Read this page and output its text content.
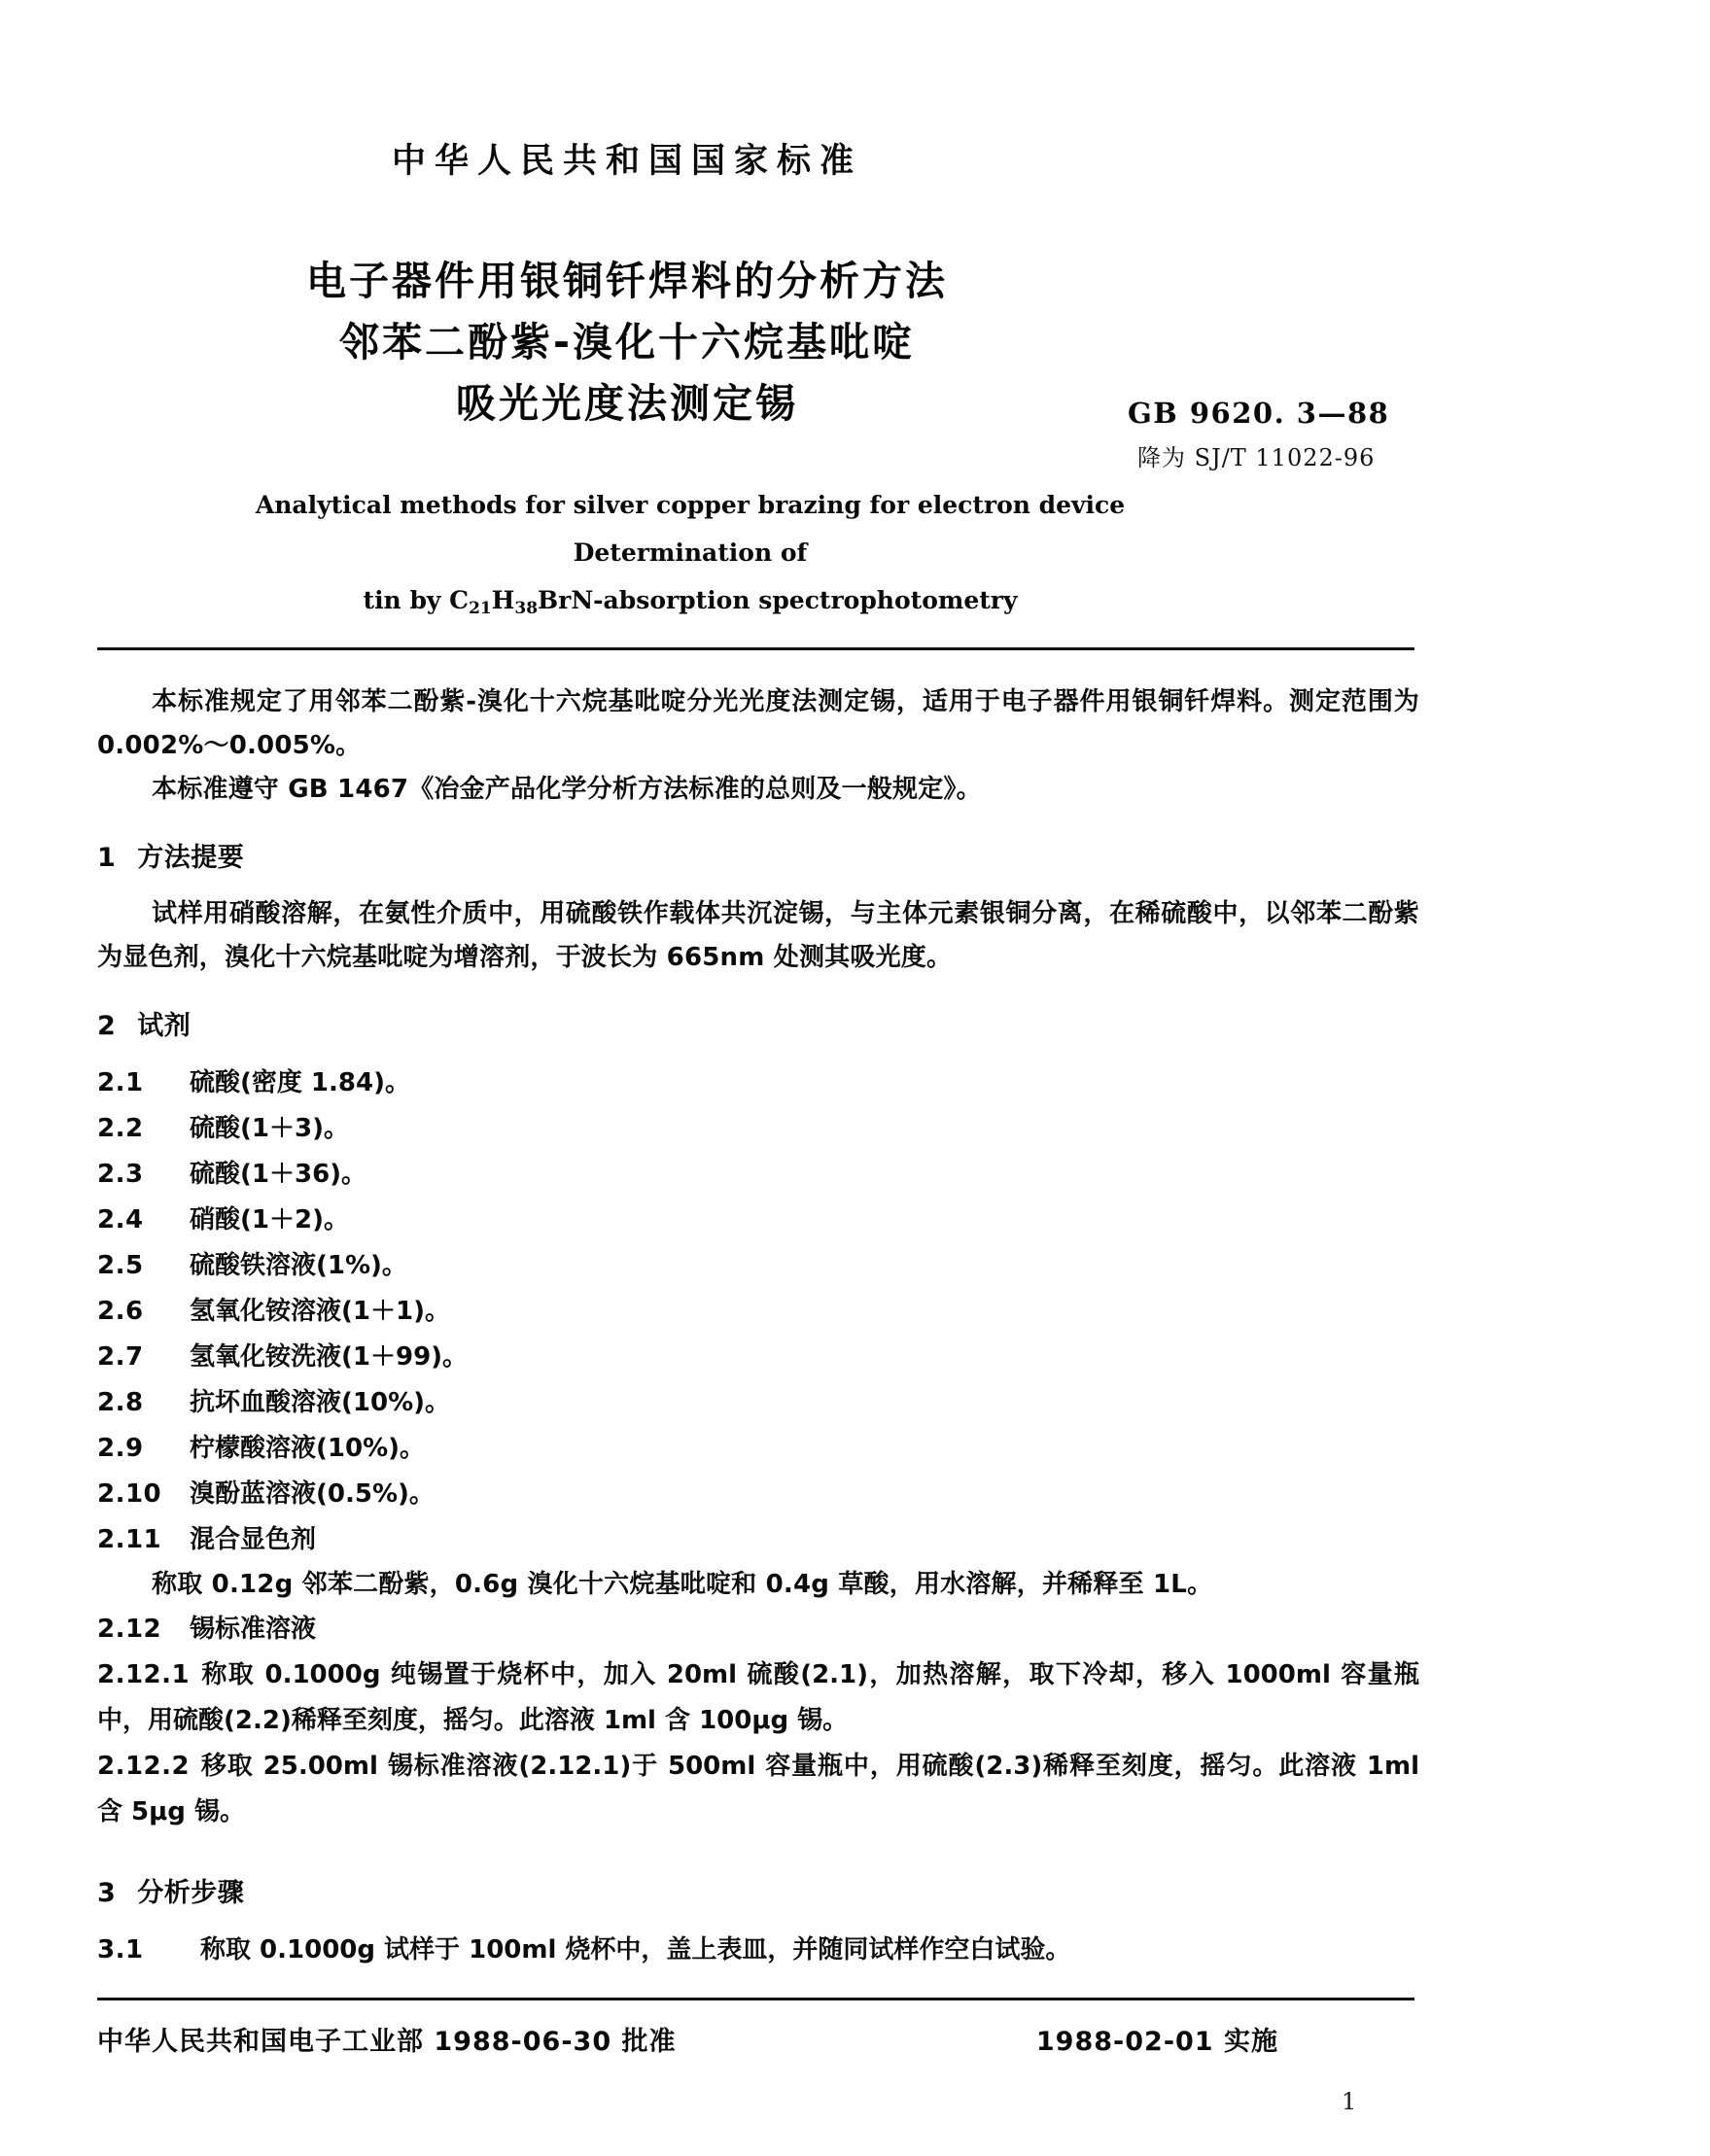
中华人民共和国国家标准
电子器件用银铜钎焊料的分析方法
邻苯二酚紫-溴化十六烷基吡啶
吸光光度法测定锡	GB 9620. 3—88
降为 SJ/T 11022-96
Analytical methods for silver copper brazing for electron device Determination of
tin by $C_{21}H_{38}BrN$-absorption spectrophotometry
本标准规定了用邻苯二酚紫-溴化十六烷基吡啶分光光度法测定锡，适用于电子器件用银铜钎焊料。测定范围为 0.002%～0.005%。
本标准遵守 GB 1467《冶金产品化学分析方法标准的总则及一般规定》。
1 方法提要
试样用硝酸溶解，在氨性介质中，用硫酸铁作载体共沉淀锡，与主体元素银铜分离，在稀硫酸中，以邻苯二酚紫为显色剂，溴化十六烷基吡啶为增溶剂，于波长为 665nm 处测其吸光度。
2 试剂
2.1	硫酸(密度 1.84)。
2.2	硫酸(1＋3)。
2.3	硫酸(1＋36)。
2.4	硝酸(1＋2)。
2.5	硫酸铁溶液(1%)。
2.6	氢氧化铵溶液(1＋1)。
2.7	氢氧化铵洗液(1＋99)。
2.8	抗坏血酸溶液(10%)。
2.9	柠檬酸溶液(10%)。
2.10	溴酚蓝溶液(0.5%)。
2.11	混合显色剂
称取 0.12g 邻苯二酚紫，0.6g 溴化十六烷基吡啶和 0.4g 草酸，用水溶解，并稀释至 1L。
2.12	锡标准溶液
2.12.1 称取 0.1000g 纯锡置于烧杯中，加入 20ml 硫酸(2.1)，加热溶解，取下冷却，移入 1000ml 容量瓶中，用硫酸(2.2)稀释至刻度，摇匀。此溶液 1ml 含 100μg 锡。
2.12.2 移取 25.00ml 锡标准溶液(2.12.1)于 500ml 容量瓶中，用硫酸(2.3)稀释至刻度，摇匀。此溶液 1ml 含 5μg 锡。
3 分析步骤
3.1 称取 0.1000g 试样于 100ml 烧杯中，盖上表皿，并随同试样作空白试验。
中华人民共和国电子工业部 1988-06-30 批准	1988-02-01 实施
1
